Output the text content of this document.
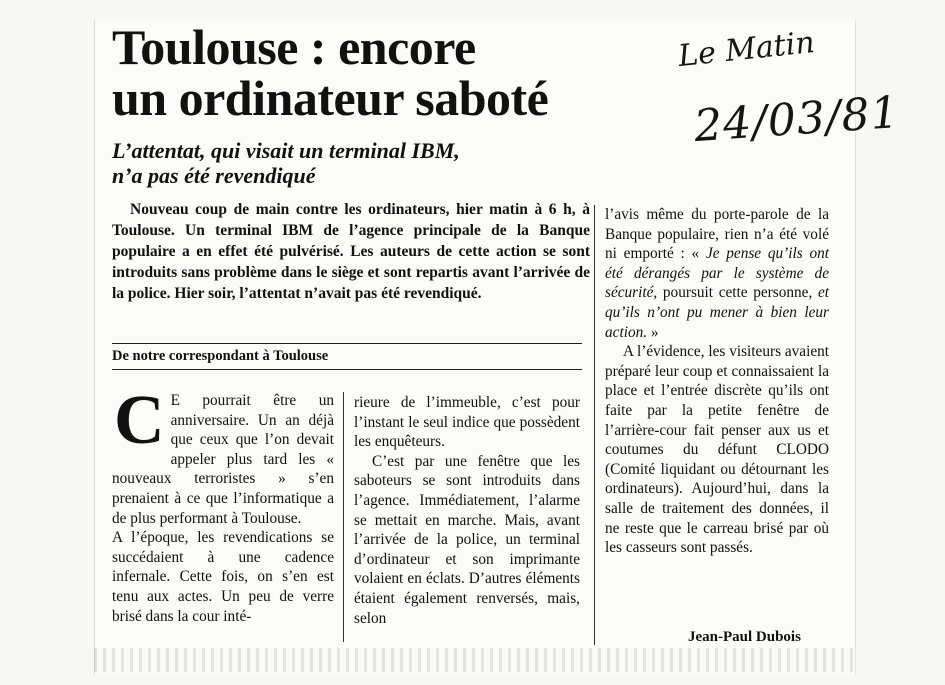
Toulouse : encore
un ordinateur saboté
Le Matin
24/03/81
L’attentat, qui visait un terminal IBM,
n’a pas été revendiqué

Nouveau coup de main contre les ordinateurs, hier matin à 6 h, à Toulouse. Un terminal IBM de l’agence principale de la Banque populaire a en effet été pulvérisé. Les auteurs de cette action se sont introduits sans problème dans le siège et sont repartis avant l’arrivée de la police. Hier soir, l’attentat n’avait pas été revendiqué.

De notre correspondant à Toulouse

C E pourrait être un anniversaire. Un an déjà que ceux que l’on devait appeler plus tard les « nouveaux terroristes » s’en prenaient à ce que l’informatique a de plus performant à Toulouse.

A l’époque, les revendications se succédaient à une cadence infernale. Cette fois, on s’en est tenu aux actes. Un peu de verre brisé dans la cour inté-

rieure de l’immeuble, c’est pour l’instant le seul indice que possèdent les enquêteurs.

C’est par une fenêtre que les saboteurs se sont introduits dans l’agence. Immédiatement, l’alarme se mettait en marche. Mais, avant l’arrivée de la police, un terminal d’ordinateur et son imprimante volaient en éclats. D’autres éléments étaient également renversés, mais, selon

l’avis même du porte-parole de la Banque populaire, rien n’a été volé ni emporté : « Je pense qu’ils ont été dérangés par le système de sécurité, poursuit cette personne, et qu’ils n’ont pu mener à bien leur action. »

A l’évidence, les visiteurs avaient préparé leur coup et connaissaient la place et l’entrée discrète qu’ils ont faite par la petite fenêtre de l’arrière-cour fait penser aux us et coutumes du défunt CLODO (Comité liquidant ou détournant les ordinateurs). Aujourd’hui, dans la salle de traitement des données, il ne reste que le carreau brisé par où les casseurs sont passés.

Jean-Paul Dubois
